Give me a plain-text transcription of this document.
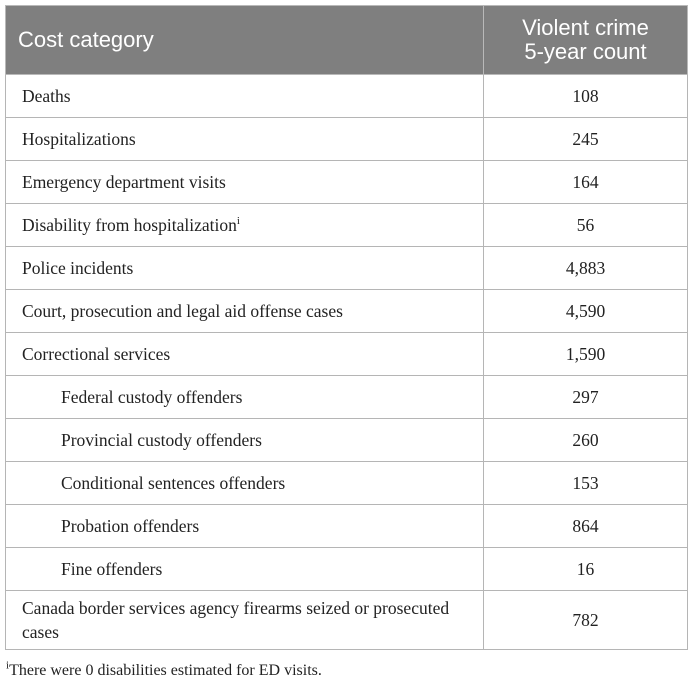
Cost category	Violent crime
5-year count

Deaths	108
Hospitalizations	245
Emergency department visits	164
Disability from hospitalization$^i$	56
Police incidents	4,883
Court, prosecution and legal aid offense cases	4,590
Correctional services	1,590
Federal custody offenders	297
Provincial custody offenders	260
Conditional sentences offenders	153
Probation offenders	864
Fine offenders	16
Canada border services agency firearms seized or prosecuted cases	782
$^i$There were 0 disabilities estimated for ED visits.
